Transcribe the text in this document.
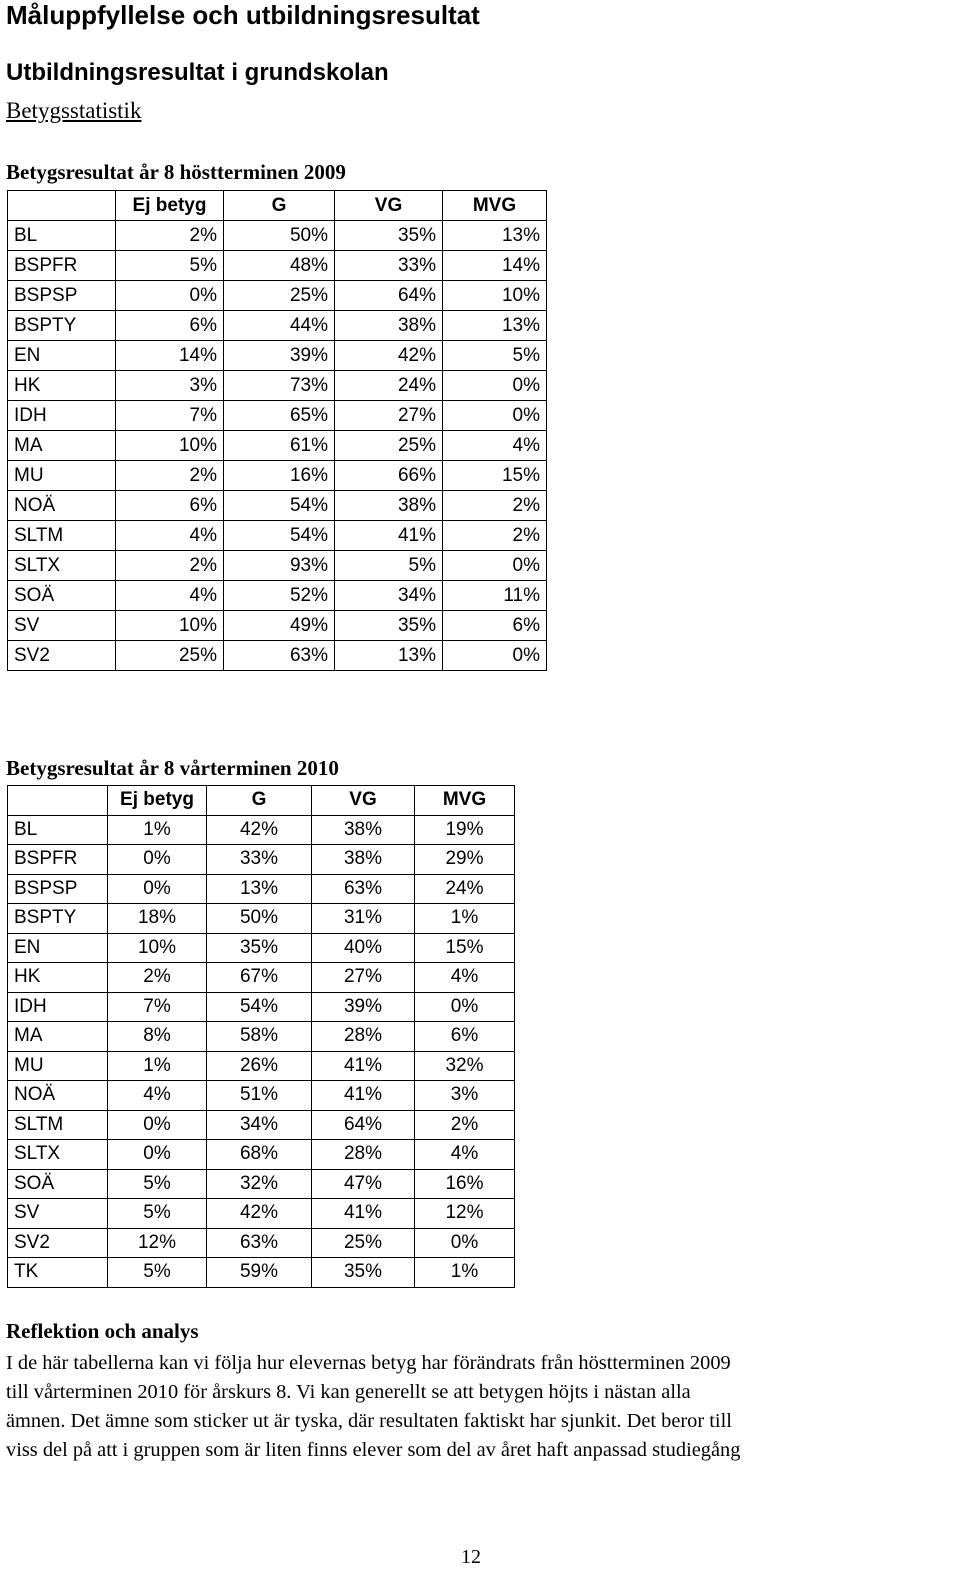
Måluppfyllelse och utbildningsresultat
Utbildningsresultat i grundskolan
Betygsstatistik
Betygsresultat år 8 höstterminen 2009
	Ej betyg	G	VG	MVG
BL	2%	50%	35%	13%
BSPFR	5%	48%	33%	14%
BSPSP	0%	25%	64%	10%
BSPTY	6%	44%	38%	13%
EN	14%	39%	42%	5%
HK	3%	73%	24%	0%
IDH	7%	65%	27%	0%
MA	10%	61%	25%	4%
MU	2%	16%	66%	15%
NOÄ	6%	54%	38%	2%
SLTM	4%	54%	41%	2%
SLTX	2%	93%	5%	0%
SOÄ	4%	52%	34%	11%
SV	10%	49%	35%	6%
SV2	25%	63%	13%	0%
Betygsresultat år 8 vårterminen 2010
	Ej betyg	G	VG	MVG
BL	1%	42%	38%	19%
BSPFR	0%	33%	38%	29%
BSPSP	0%	13%	63%	24%
BSPTY	18%	50%	31%	1%
EN	10%	35%	40%	15%
HK	2%	67%	27%	4%
IDH	7%	54%	39%	0%
MA	8%	58%	28%	6%
MU	1%	26%	41%	32%
NOÄ	4%	51%	41%	3%
SLTM	0%	34%	64%	2%
SLTX	0%	68%	28%	4%
SOÄ	5%	32%	47%	16%
SV	5%	42%	41%	12%
SV2	12%	63%	25%	0%
TK	5%	59%	35%	1%
Reflektion och analys
I de här tabellerna kan vi följa hur elevernas betyg har förändrats från höstterminen 2009
till vårterminen 2010 för årskurs 8. Vi kan generellt se att betygen höjts i nästan alla
ämnen. Det ämne som sticker ut är tyska, där resultaten faktiskt har sjunkit. Det beror till
viss del på att i gruppen som är liten finns elever som del av året haft anpassad studiegång
12
